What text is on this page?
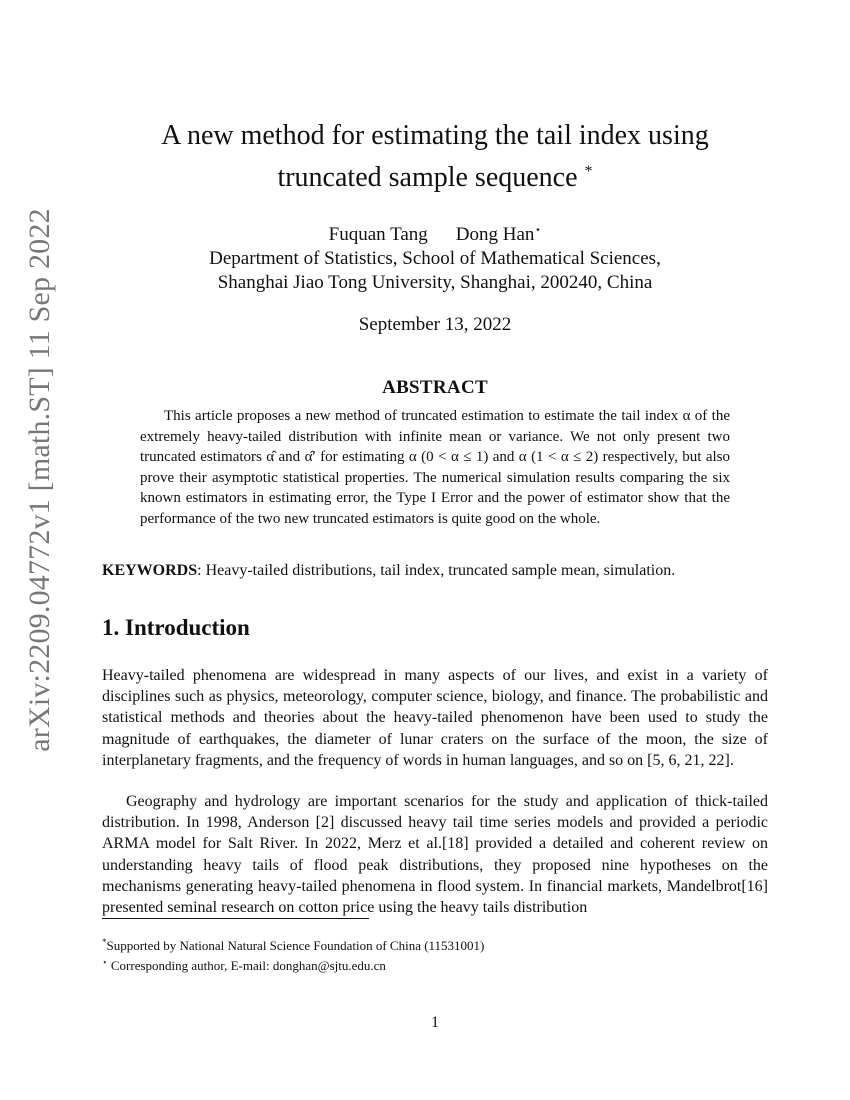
arXiv:2209.04772v1 [math.ST] 11 Sep 2022
A new method for estimating the tail index using
truncated sample sequence *
Fuquan Tang Dong Han⋆
Department of Statistics, School of Mathematical Sciences,
Shanghai Jiao Tong University, Shanghai, 200240, China
September 13, 2022
ABSTRACT

This article proposes a new method of truncated estimation to estimate the tail index α of the extremely heavy-tailed distribution with infinite mean or variance. We not only present two truncated estimators α̂ and α̂′ for estimating α (0 < α ≤ 1) and α (1 < α ≤ 2) respectively, but also prove their asymptotic statistical properties. The numerical simulation results comparing the six known estimators in estimating error, the Type I Error and the power of estimator show that the performance of the two new truncated estimators is quite good on the whole.

KEYWORDS: Heavy-tailed distributions, tail index, truncated sample mean, simulation.

1. Introduction

Heavy-tailed phenomena are widespread in many aspects of our lives, and exist in a variety of disciplines such as physics, meteorology, computer science, biology, and finance. The probabilistic and statistical methods and theories about the heavy-tailed phenomenon have been used to study the magnitude of earthquakes, the diameter of lunar craters on the surface of the moon, the size of interplanetary fragments, and the frequency of words in human languages, and so on [5, 6, 21, 22].

Geography and hydrology are important scenarios for the study and application of thick-tailed distribution. In 1998, Anderson [2] discussed heavy tail time series models and provided a periodic ARMA model for Salt River. In 2022, Merz et al.[18] provided a detailed and coherent review on understanding heavy tails of flood peak distributions, they proposed nine hypotheses on the mechanisms generating heavy-tailed phenomena in flood system. In financial markets, Mandelbrot[16] presented seminal research on cotton price using the heavy tails distribution

*Supported by National Natural Science Foundation of China (11531001)

⋆ Corresponding author, E-mail: donghan@sjtu.edu.cn

1
